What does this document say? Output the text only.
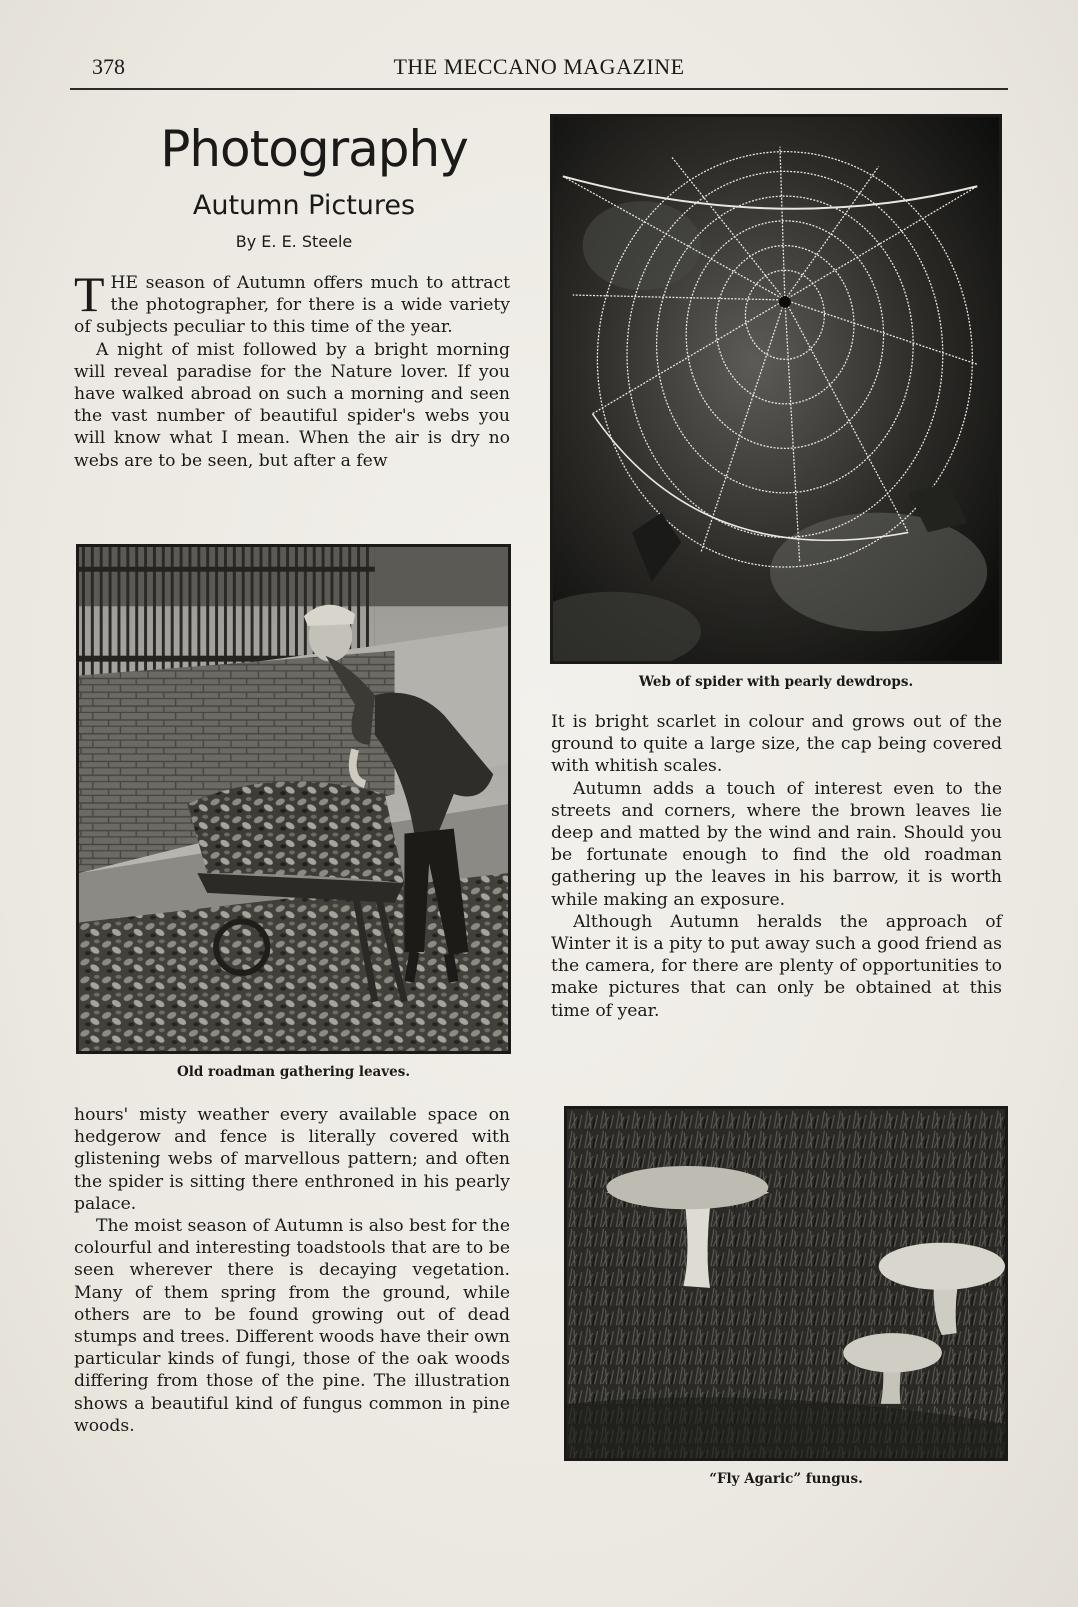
378	THE MECCANO MAGAZINE
Photography
Autumn Pictures
By E. E. Steele

THE season of Autumn offers much to attract the photographer, for there is a wide variety of subjects peculiar to this time of the year.

A night of mist followed by a bright morning will reveal paradise for the Nature lover. If you have walked abroad on such a morning and seen the vast number of beautiful spider's webs you will know what I mean. When the air is dry no webs are to be seen, but after a few

Old roadman gathering leaves.

hours' misty weather every available space on hedgerow and fence is literally covered with glistening webs of marvellous pattern; and often the spider is sitting there enthroned in his pearly palace.

The moist season of Autumn is also best for the colourful and interesting toadstools that are to be seen wherever there is decaying vegetation. Many of them spring from the ground, while others are to be found growing out of dead stumps and trees. Different woods have their own particular kinds of fungi, those of the oak woods differing from those of the pine. The illustration shows a beautiful kind of fungus common in pine woods.

Web of spider with pearly dewdrops.

It is bright scarlet in colour and grows out of the ground to quite a large size, the cap being covered with whitish scales.

Autumn adds a touch of interest even to the streets and corners, where the brown leaves lie deep and matted by the wind and rain. Should you be fortunate enough to find the old roadman gathering up the leaves in his barrow, it is worth while making an exposure.

Although Autumn heralds the approach of Winter it is a pity to put away such a good friend as the camera, for there are plenty of opportunities to make pictures that can only be obtained at this time of year.

“Fly Agaric” fungus.
